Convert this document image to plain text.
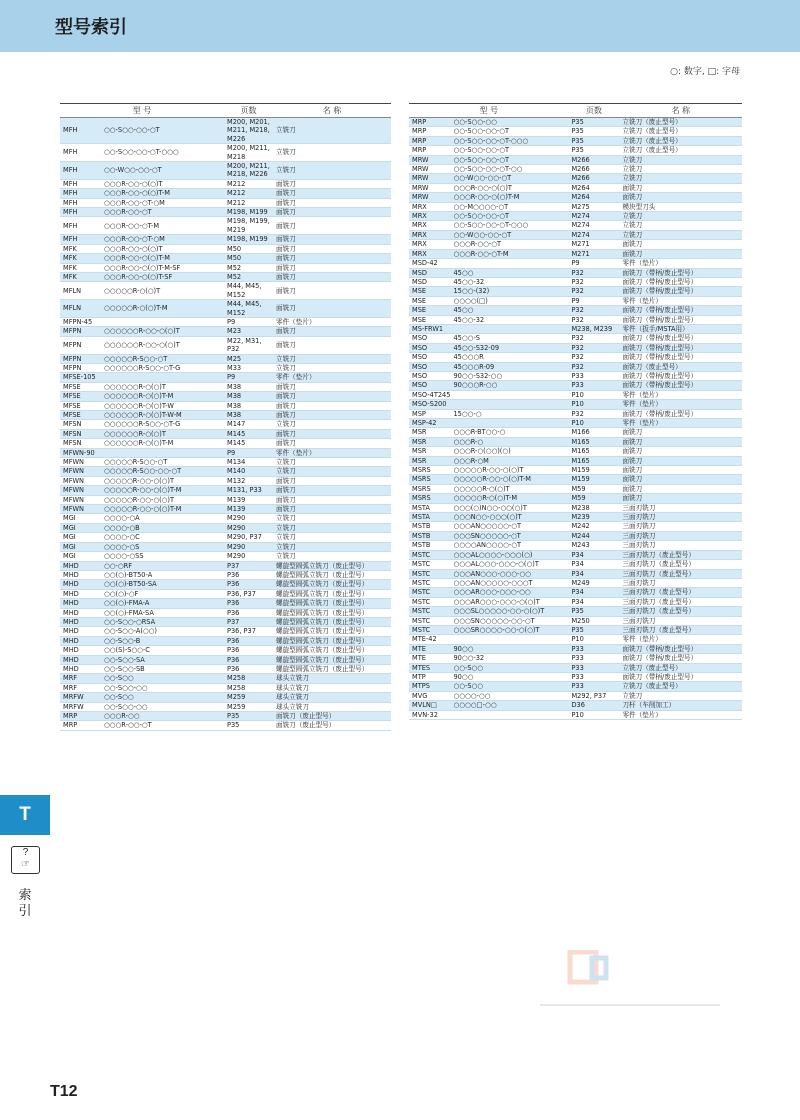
型号索引
○: 数字, □: 字母
型 号		页数	名 称
MFH	○○-S○○-○○-○T	M200, M201, M211, M218, M226	立铣刀
MFH	○○-S○○-○○-○T-○○○	M200, M211, M218	立铣刀
MFH	○○-W○○-○○-○T	M200, M211, M218, M226	立铣刀
MFH	○○○R-○○-○(○)T	M212	面铣刀
MFH	○○○R-○○-○(○)T-M	M212	面铣刀
MFH	○○○R-○○-○T-○M	M212	面铣刀
MFH	○○○R-○○-○T	M198, M199	面铣刀
MFH	○○○R-○○-○T-M	M198, M199, M219	面铣刀
MFH	○○○R-○○-○T-○M	M198, M199	面铣刀
MFK	○○○R-○○-○(○)T	M50	面铣刀
MFK	○○○R-○○-○(○)T-M	M50	面铣刀
MFK	○○○R-○○-○(○)T-M-SF	M52	面铣刀
MFK	○○○R-○○-○(○)T-SF	M52	面铣刀
MFLN	○○○○○R-○(○)T	M44, M45, M152	面铣刀
MFLN	○○○○○R-○(○)T-M	M44, M45, M152	面铣刀
MFPN-45		P9	零件（垫片）
MFPN	○○○○○○R-○○-○(○)T	M23	面铣刀
MFPN	○○○○○○R-○○-○(○)T	M22, M31, P32	面铣刀
MFPN	○○○○○R-S○○-○T	M25	立铣刀
MFPN	○○○○○○R-S○○-○T-G	M33	立铣刀
MFSE-105		P9	零件（垫片）
MFSE	○○○○○○R-○(○)T	M38	面铣刀
MFSE	○○○○○○R-○(○)T-M	M38	面铣刀
MFSE	○○○○○○R-○(○)T-W	M38	面铣刀
MFSE	○○○○○○R-○(○)T-W-M	M38	面铣刀
MFSN	○○○○○○R-S○○-○T-G	M147	立铣刀
MFSN	○○○○○○R-○(○)T	M145	面铣刀
MFSN	○○○○○○R-○(○)T-M	M145	面铣刀
MFWN-90		P9	零件（垫片）
MFWN	○○○○○R-S○○-○T	M134	立铣刀
MFWN	○○○○○R-S○○-○○-○T	M140	立铣刀
MFWN	○○○○○R-○○-○(○)T	M132	面铣刀
MFWN	○○○○○R-○○-○(○)T-M	M131, P33	面铣刀
MFWN	○○○○○R-○○-○(○)T	M139	面铣刀
MFWN	○○○○○R-○○-○(○)T-M	M139	面铣刀
MGI	○○○○-○A	M290	立铣刀
MGI	○○○○-○B	M290	立铣刀
MGI	○○○○-○C	M290, P37	立铣刀
MGI	○○○○-○S	M290	立铣刀
MGI	○○○○-○SS	M290	立铣刀
MHD	○○-○RF	P37	螺旋型圆弧立铣刀（废止型号）
MHD	○○(○)-BT50-A	P36	螺旋型圆弧立铣刀（废止型号）
MHD	○○(○)-BT50-SA	P36	螺旋型圆弧立铣刀（废止型号）
MHD	○○(○)-○F	P36, P37	螺旋型圆弧立铣刀（废止型号）
MHD	○○(○)-FMA-A	P36	螺旋型圆弧立铣刀（废止型号）
MHD	○○(○)-FMA-SA	P36	螺旋型圆弧立铣刀（废止型号）
MHD	○○-S○○-○RSA	P37	螺旋型圆弧立铣刀（废止型号）
MHD	○○-S○○-A(○○)	P36, P37	螺旋型圆弧立铣刀（废止型号）
MHD	○○-S○○-B	P36	螺旋型圆弧立铣刀（废止型号）
MHD	○○(S)-S○○-C	P36	螺旋型圆弧立铣刀（废止型号）
MHD	○○-S○○-SA	P36	螺旋型圆弧立铣刀（废止型号）
MHD	○○-S○○-SB	P36	螺旋型圆弧立铣刀（废止型号）
MRF	○○-S○○	M258	球头立铣刀
MRF	○○-S○○-○○	M258	球头立铣刀
MRFW	○○-S○○	M259	球头立铣刀
MRFW	○○-S○○-○○	M259	球头立铣刀
MRP	○○○R-○○	P35	面铣刀（废止型号）
MRP	○○○R-○○-○T	P35	面铣刀（废止型号）
型 号		页数	名 称
MRP	○○-S○○-○○	P35	立铣刀（废止型号）
MRP	○○-S○○-○○-○T	P35	立铣刀（废止型号）
MRP	○○-S○○-○○-○T-○○○	P35	立铣刀（废止型号）
MRP	○○-S○○-○○-○T	P35	立铣刀（废止型号）
MRW	○○-S○○-○○-○T	M266	立铣刀
MRW	○○-S○○-○○-○T-○○	M266	立铣刀
MRW	○○-W○○-○○-○T	M266	立铣刀
MRW	○○○R-○○-○(○)T	M264	面铣刀
MRW	○○○R-○○-○(○)T-M	M264	面铣刀
MRX	○○-M○○○○-○T	M275	模块型刀头
MRX	○○-S○○-○○-○T	M274	立铣刀
MRX	○○-S○○-○○-○T-○○○	M274	立铣刀
MRX	○○-W○○-○○-○T	M274	立铣刀
MRX	○○○R-○○-○T	M271	面铣刀
MRX	○○○R-○○-○T-M	M271	面铣刀
MSD-42		P9	零件（垫片）
MSD	45○○	P32	面铣刀（带柄/废止型号）
MSD	45○○-32	P32	面铣刀（带柄/废止型号）
MSE	15○○-(32)	P32	面铣刀（带柄/废止型号）
MSE	○○○○(□)	P9	零件（垫片）
MSE	45○○	P32	面铣刀（带柄/废止型号）
MSE	45○○-32	P32	面铣刀（带柄/废止型号）
MS-FRW1		M238, M239	零件（扳手/MSTA用）
MSO	45○○-S	P32	面铣刀（带柄/废止型号）
MSO	45○○-S32-09	P32	面铣刀（带柄/废止型号）
MSO	45○○○R	P32	面铣刀（带柄/废止型号）
MSO	45○○○R-09	P32	面铣刀（废止型号）
MSO	90○○-S32-○○	P33	面铣刀（带柄/废止型号）
MSO	90○○○R-○○	P33	面铣刀（带柄/废止型号）
MSO-4T245		P10	零件（垫片）
MSO-S200		P10	零件（垫片）
MSP	15○○-○	P32	面铣刀（带柄/废止型号）
MSP-42		P10	零件（垫片）
MSR	○○○R-BT○○-○	M166	面铣刀
MSR	○○○R-○	M165	面铣刀
MSR	○○○R-○(○○)(○)	M165	面铣刀
MSR	○○○R-○M	M165	面铣刀
MSRS	○○○○○R-○○-○(○)T	M159	面铣刀
MSRS	○○○○○R-○○-○(○)T-M	M159	面铣刀
MSRS	○○○○○R-○(○)T	M59	面铣刀
MSRS	○○○○○R-○(○)T-M	M59	面铣刀
MSTA	○○○(○)N○○-○○(○)T	M238	三面刃铣刀
MSTA	○○○N○○-○○○(○)T	M239	三面刃铣刀
MSTB	○○○AN○○○○○-○T	M242	三面刃铣刀
MSTB	○○○SN○○○○○-○T	M244	三面刃铣刀
MSTB	○○○○AN○○○○-○T	M243	三面刃铣刀
MSTC	○○○AL○○○○-○○○(○)	P34	三面刃铣刀（废止型号）
MSTC	○○○AL○○○-○○○-○(○)T	P34	三面刃铣刀（废止型号）
MSTC	○○○AN○○○-○○○-○○	P34	三面刃铣刀（废止型号）
MSTC	○○○AN○○○○○-○○○T	M249	三面刃铣刀
MSTC	○○○AR○○○-○○○-○○	P34	三面刃铣刀（废止型号）
MSTC	○○○AR○○○-○○○-○(○)T	P34	三面刃铣刀（废止型号）
MSTC	○○○SL○○○○○-○○-○(○)T	P35	三面刃铣刀（废止型号）
MSTC	○○○SN○○○○○-○○-○T	M250	三面刃铣刀
MSTC	○○○SR○○○○-○○-○(○)T	P35	三面刃铣刀（废止型号）
MTE-42		P10	零件（垫片）
MTE	90○○	P33	面铣刀（带柄/废止型号）
MTE	90○○-32	P33	面铣刀（带柄/废止型号）
MTES	○○-S○○	P33	立铣刀（废止型号）
MTP	90○○	P33	面铣刀（带柄/废止型号）
MTPS	○○-S○○	P33	立铣刀（废止型号）
MVG	○○○○-○○	M292, P37	立铣刀
MVLN□	○○○○□-○○	D36	刀杆（车削加工）
MVN-32		P10	零件（垫片）
T
?
☞
索引
T12
